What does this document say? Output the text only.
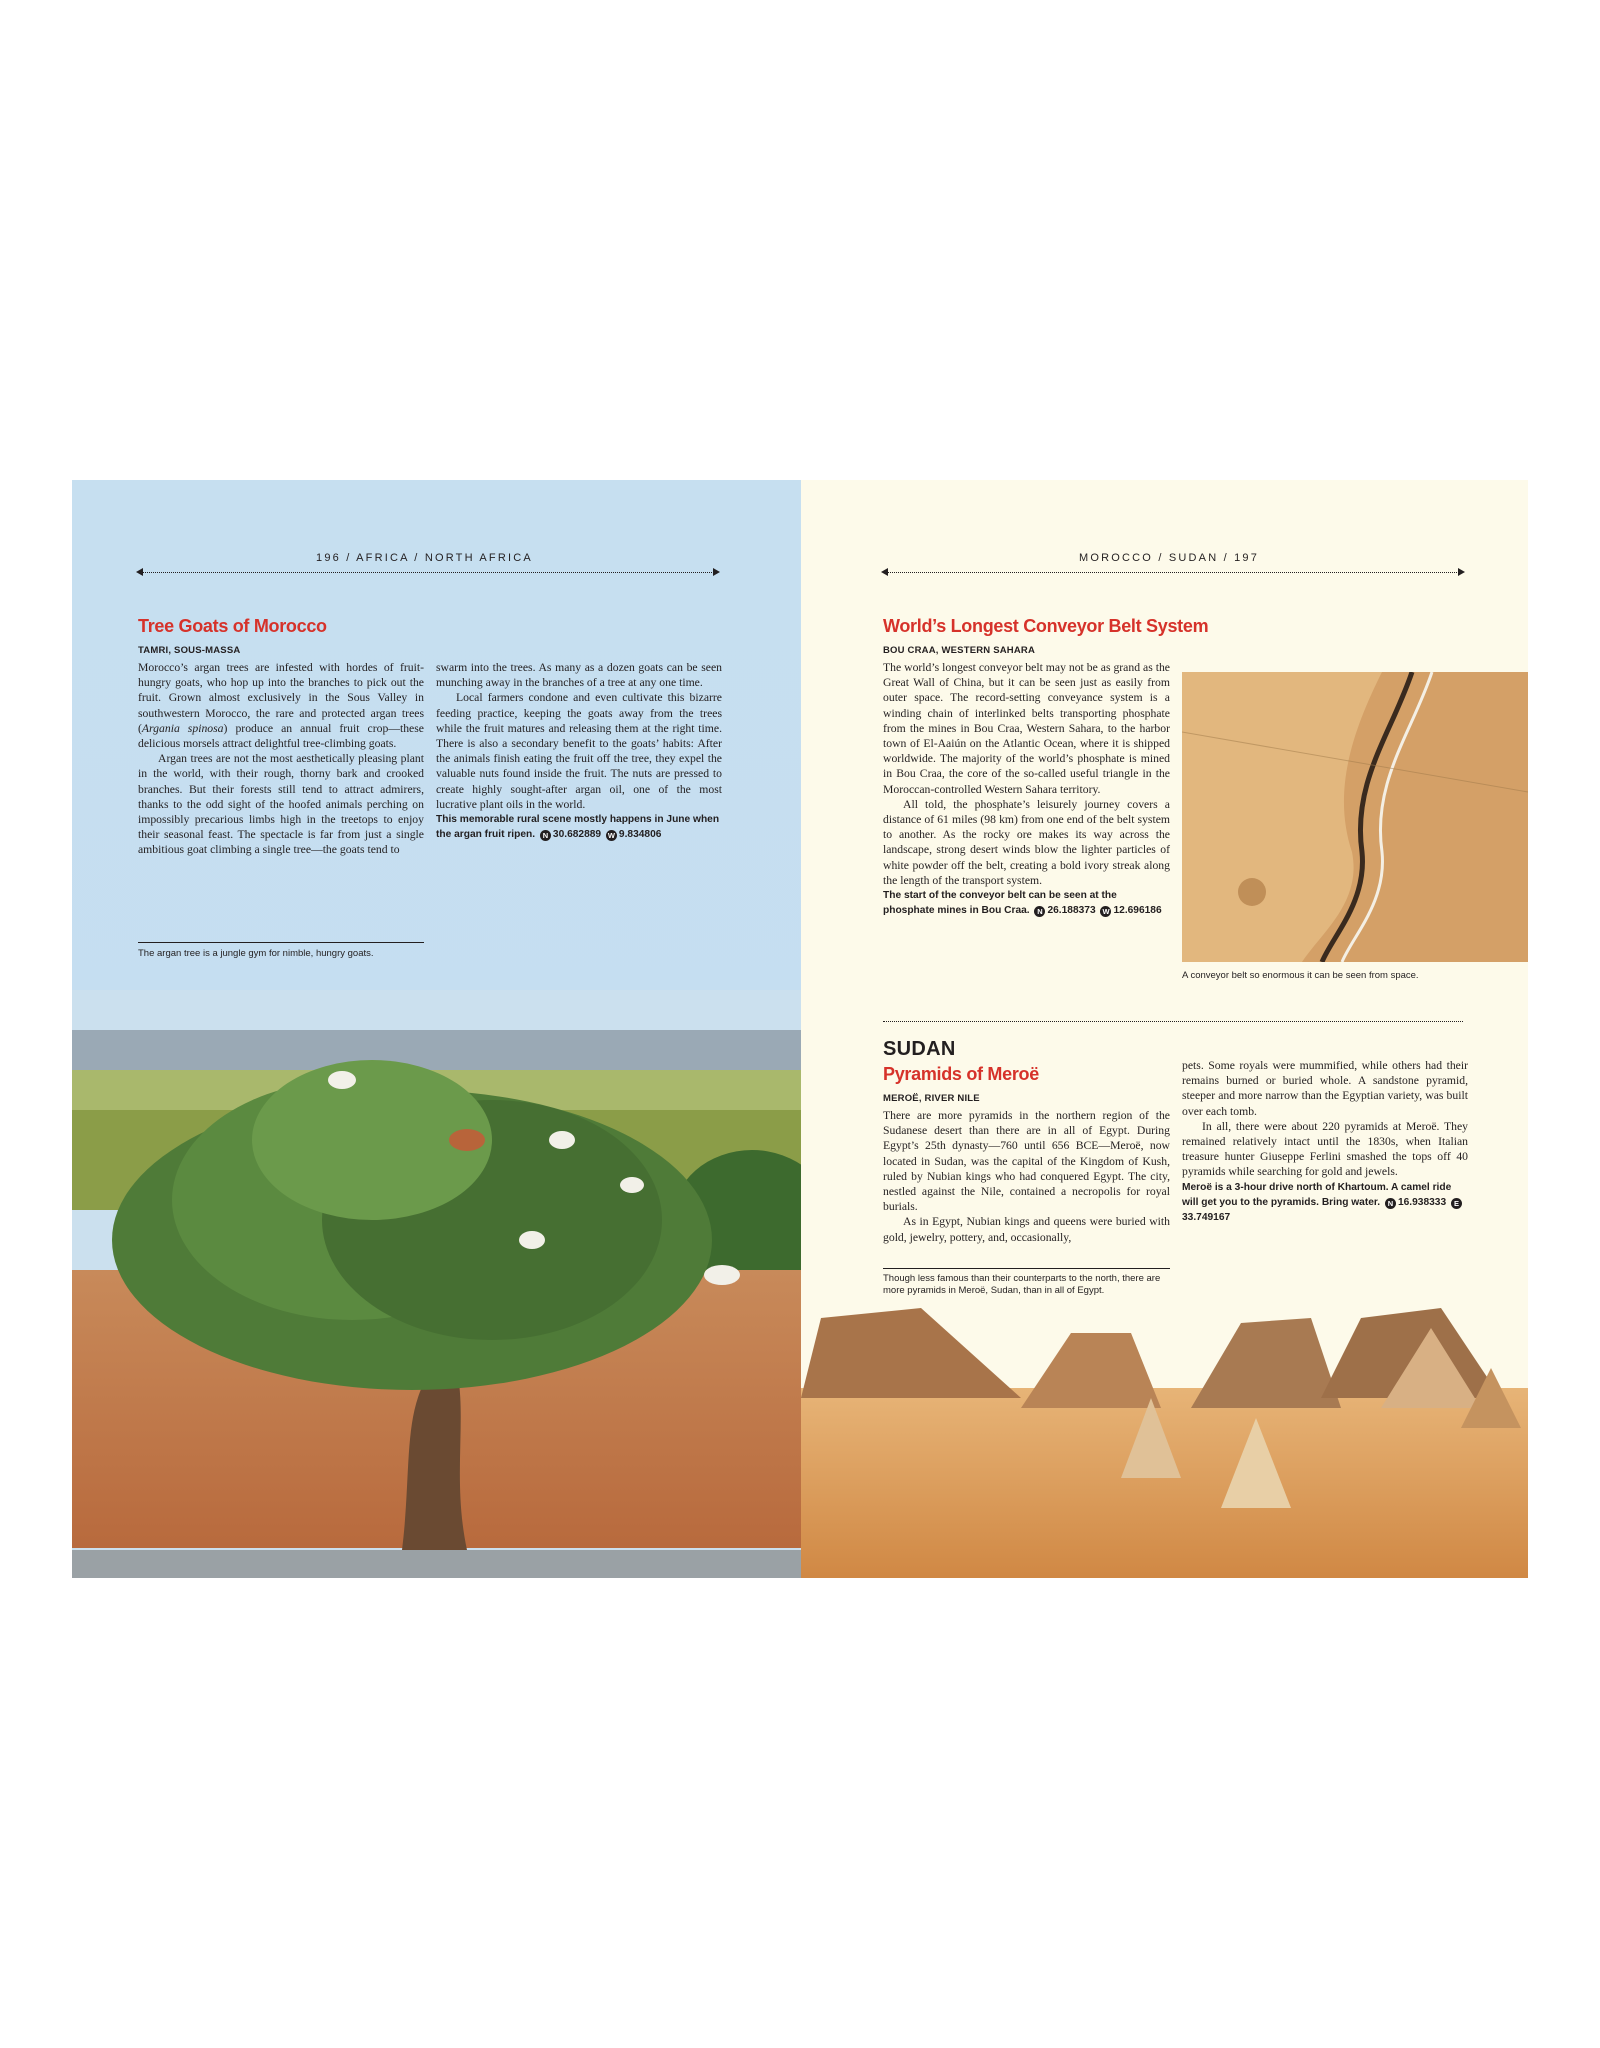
196 / AFRICA / NORTH AFRICA
Tree Goats of Morocco
TAMRI, SOUS-MASSA

Morocco’s argan trees are infested with hordes of fruit-hungry goats, who hop up into the branches to pick out the fruit. Grown almost exclusively in the Sous Valley in southwestern Morocco, the rare and protected argan trees (Argania spinosa) produce an annual fruit crop—these delicious morsels attract delightful tree-climbing goats.

Argan trees are not the most aesthetically pleasing plant in the world, with their rough, thorny bark and crooked branches. But their forests still tend to attract admirers, thanks to the odd sight of the hoofed animals perching on impossibly precarious limbs high in the treetops to enjoy their seasonal feast. The spectacle is far from just a single ambitious goat climbing a single tree—the goats tend to

swarm into the trees. As many as a dozen goats can be seen munching away in the branches of a tree at any one time.

Local farmers condone and even cultivate this bizarre feeding practice, keeping the goats away from the trees while the fruit matures and releasing them at the right time. There is also a secondary benefit to the goats’ habits: After the animals finish eating the fruit off the tree, they expel the valuable nuts found inside the fruit. The nuts are pressed to create highly sought-after argan oil, one of the most lucrative plant oils in the world.

This memorable rural scene mostly happens in June when the argan fruit ripen. N 30.682889 W 9.834806

The argan tree is a jungle gym for nimble, hungry goats.
MOROCCO / SUDAN / 197
World’s Longest Conveyor Belt System
BOU CRAA, WESTERN SAHARA

The world’s longest conveyor belt may not be as grand as the Great Wall of China, but it can be seen just as easily from outer space. The record-setting conveyance system is a winding chain of interlinked belts transporting phosphate from the mines in Bou Craa, Western Sahara, to the harbor town of El-Aaiún on the Atlantic Ocean, where it is shipped worldwide. The majority of the world’s phosphate is mined in Bou Craa, the core of the so-called useful triangle in the Moroccan-controlled Western Sahara territory.

All told, the phosphate’s leisurely journey covers a distance of 61 miles (98 km) from one end of the belt system to another. As the rocky ore makes its way across the landscape, strong desert winds blow the lighter particles of white powder off the belt, creating a bold ivory streak along the length of the transport system.

The start of the conveyor belt can be seen at the phosphate mines in Bou Craa. N 26.188373 W 12.696186

A conveyor belt so enormous it can be seen from space.
SUDAN
Pyramids of Meroë
MEROË, RIVER NILE

There are more pyramids in the northern region of the Sudanese desert than there are in all of Egypt. During Egypt’s 25th dynasty—760 until 656 BCE—Meroë, now located in Sudan, was the capital of the Kingdom of Kush, ruled by Nubian kings who had conquered Egypt. The city, nestled against the Nile, contained a necropolis for royal burials.

As in Egypt, Nubian kings and queens were buried with gold, jewelry, pottery, and, occasionally,

pets. Some royals were mummified, while others had their remains burned or buried whole. A sandstone pyramid, steeper and more narrow than the Egyptian variety, was built over each tomb.

In all, there were about 220 pyramids at Meroë. They remained relatively intact until the 1830s, when Italian treasure hunter Giuseppe Ferlini smashed the tops off 40 pyramids while searching for gold and jewels.

Meroë is a 3-hour drive north of Khartoum. A camel ride will get you to the pyramids. Bring water. N 16.938333 E33.749167

Though less famous than their counterparts to the north, there are more pyramids in Meroë, Sudan, than in all of Egypt.
